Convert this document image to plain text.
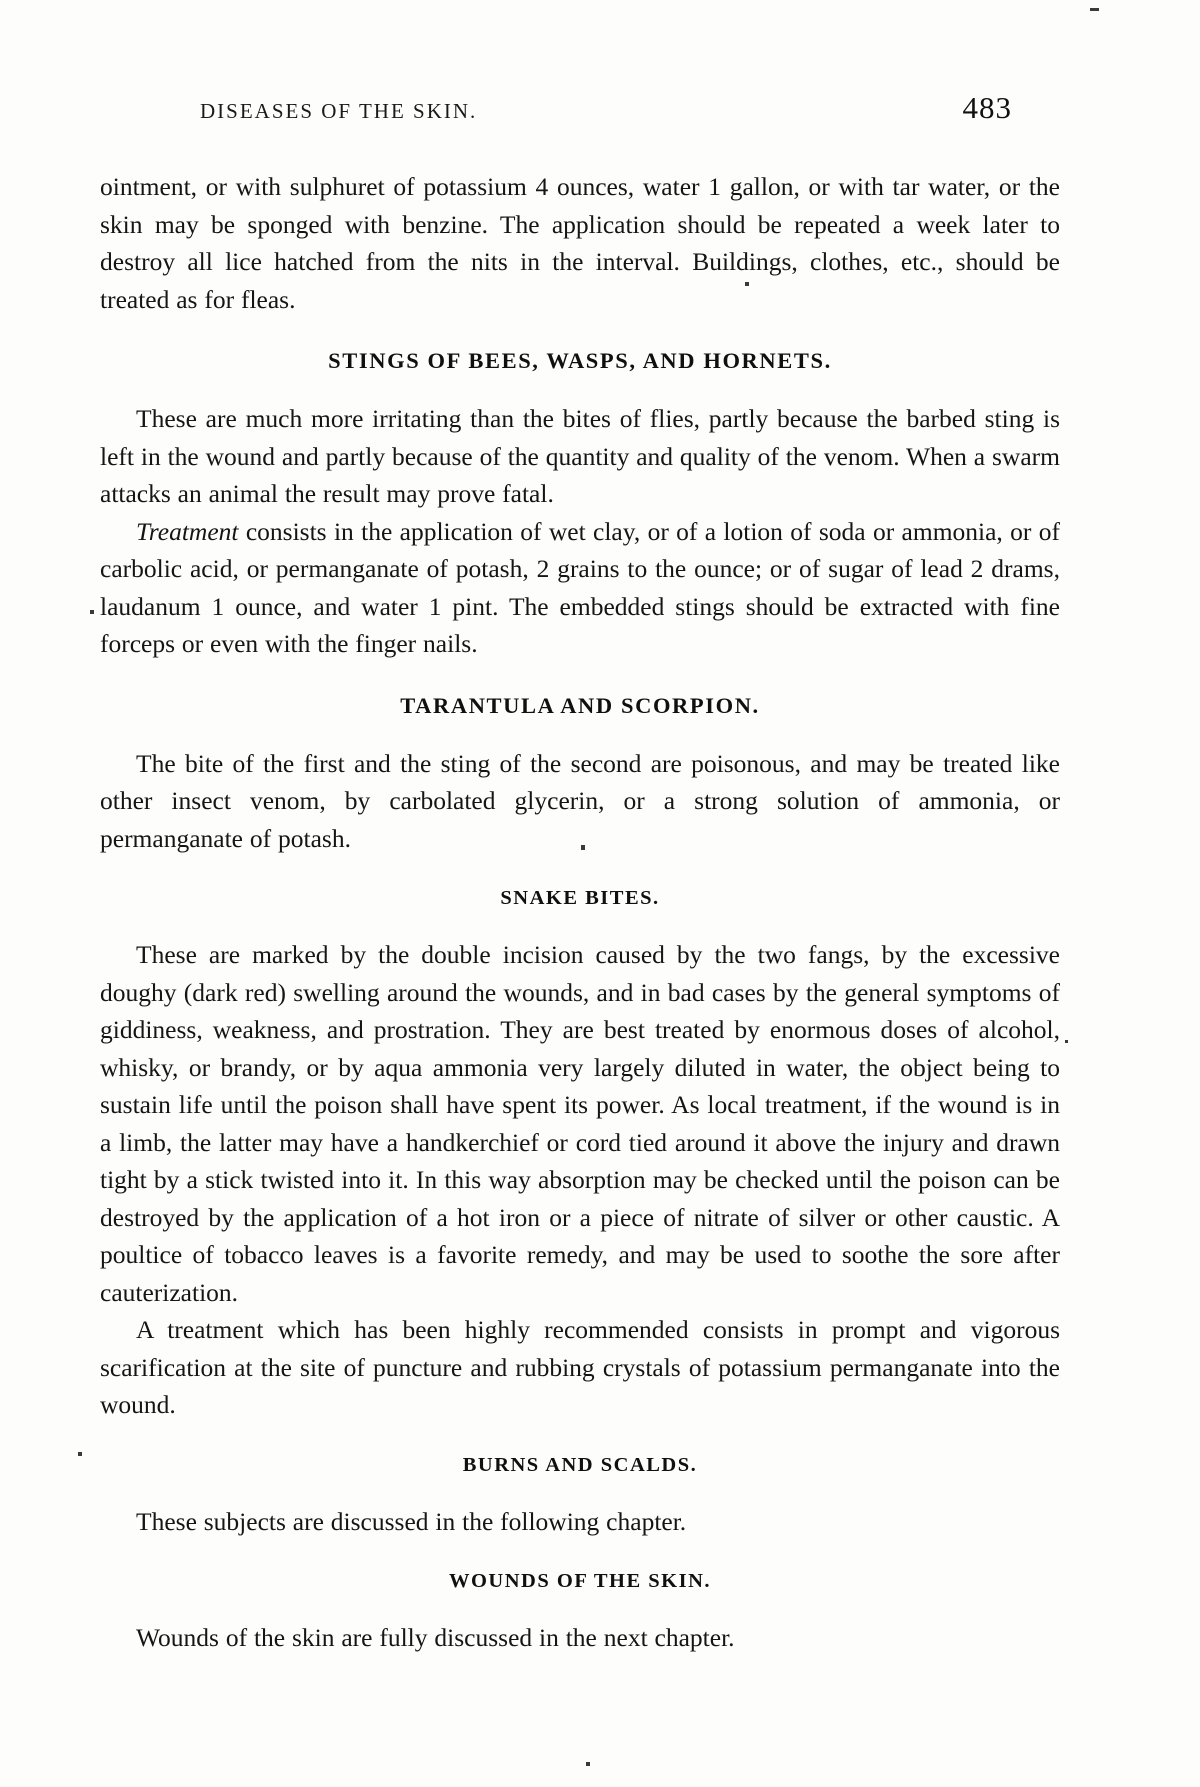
DISEASES OF THE SKIN.	483

ointment, or with sulphuret of potassium 4 ounces, water 1 gallon, or with tar water, or the skin may be sponged with benzine. The application should be repeated a week later to destroy all lice hatched from the nits in the interval. Buildings, clothes, etc., should be treated as for fleas.

STINGS OF BEES, WASPS, AND HORNETS.

These are much more irritating than the bites of flies, partly because the barbed sting is left in the wound and partly because of the quantity and quality of the venom. When a swarm attacks an animal the result may prove fatal.

Treatment consists in the application of wet clay, or of a lotion of soda or ammonia, or of carbolic acid, or permanganate of potash, 2 grains to the ounce; or of sugar of lead 2 drams, laudanum 1 ounce, and water 1 pint. The embedded stings should be extracted with fine forceps or even with the finger nails.

TARANTULA AND SCORPION.

The bite of the first and the sting of the second are poisonous, and may be treated like other insect venom, by carbolated glycerin, or a strong solution of ammonia, or permanganate of potash.

SNAKE BITES.

These are marked by the double incision caused by the two fangs, by the excessive doughy (dark red) swelling around the wounds, and in bad cases by the general symptoms of giddiness, weakness, and prostration. They are best treated by enormous doses of alcohol, whisky, or brandy, or by aqua ammonia very largely diluted in water, the object being to sustain life until the poison shall have spent its power. As local treatment, if the wound is in a limb, the latter may have a handkerchief or cord tied around it above the injury and drawn tight by a stick twisted into it. In this way absorption may be checked until the poison can be destroyed by the application of a hot iron or a piece of nitrate of silver or other caustic. A poultice of tobacco leaves is a favorite remedy, and may be used to soothe the sore after cauterization.

A treatment which has been highly recommended consists in prompt and vigorous scarification at the site of puncture and rubbing crystals of potassium permanganate into the wound.

BURNS AND SCALDS.

These subjects are discussed in the following chapter.

WOUNDS OF THE SKIN.

Wounds of the skin are fully discussed in the next chapter.
